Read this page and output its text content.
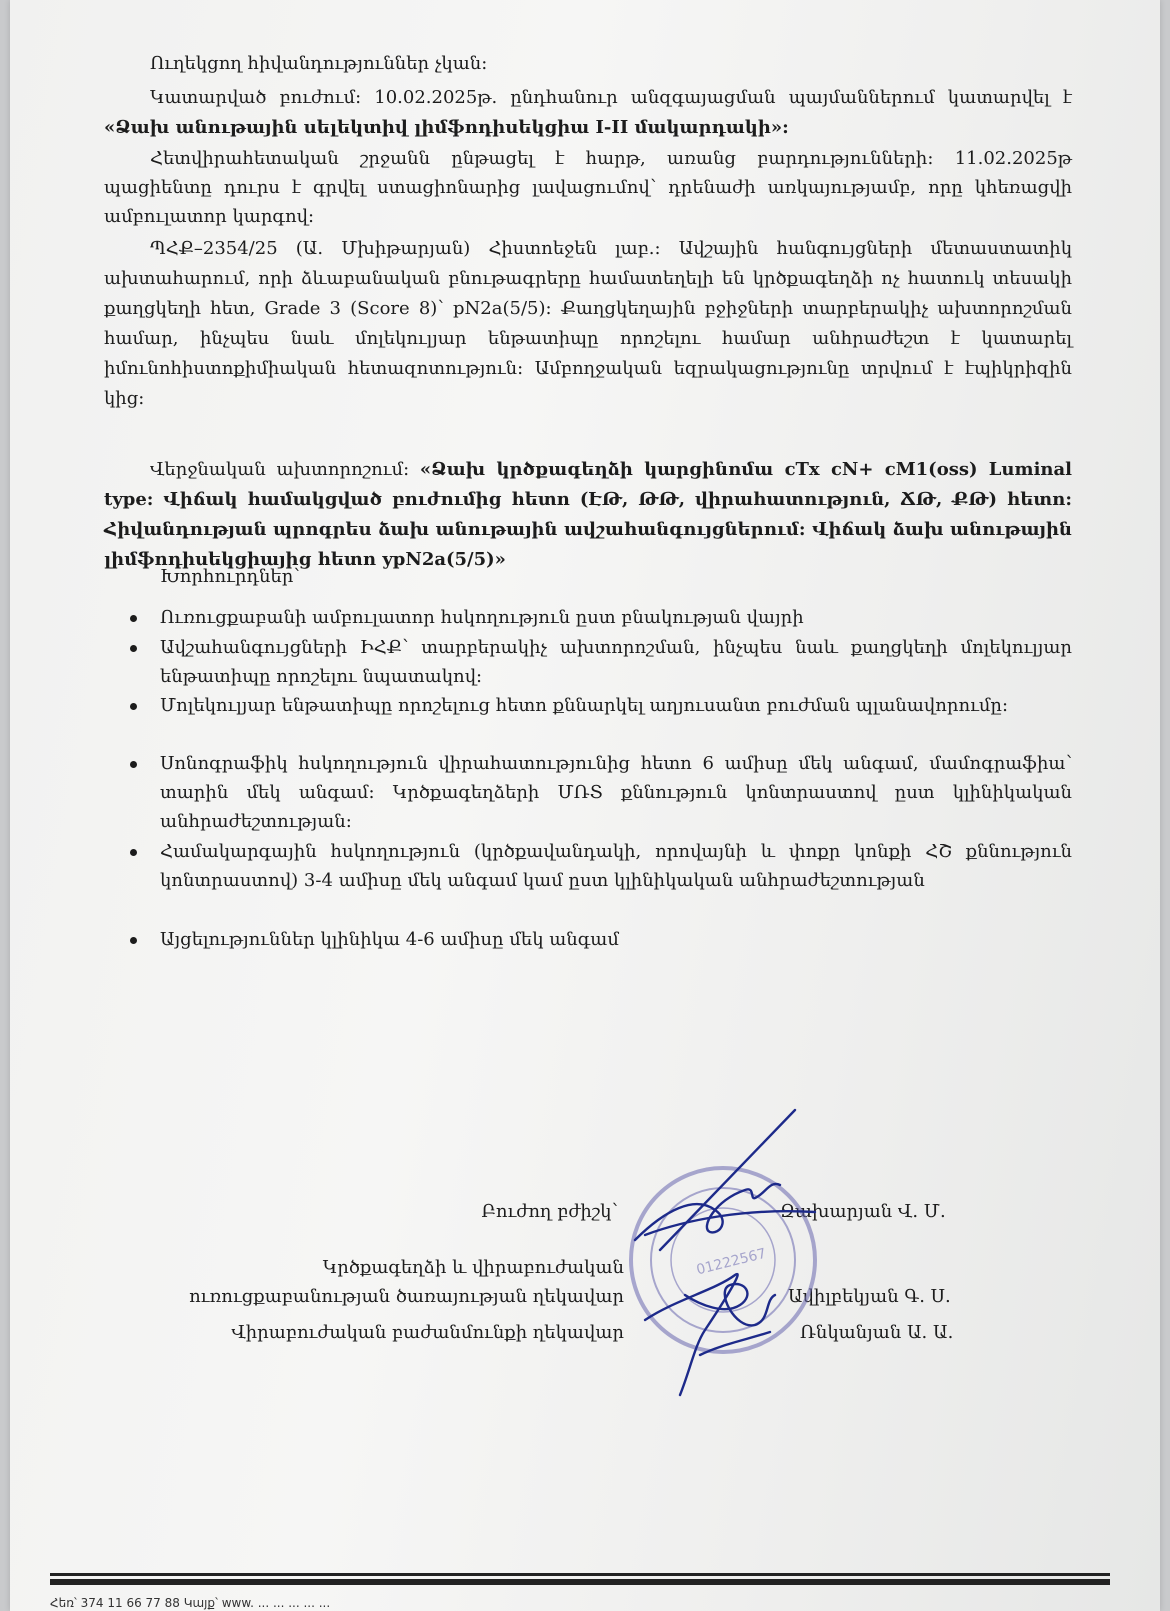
Ուղեկցող հիվանդություններ չկան:
Կատարված բուժում: 10.02.2025թ. ընդհանուր անզգայացման պայմաններում կատարվել է
«Ձախ անութային սելեկտիվ լիմֆոդիսեկցիա I-II մակարդակի»:
Հետվիրահետական շրջանն ընթացել է հարթ, առանց բարդությունների: 11.02.2025թ պացիենտը դուրս է գրվել ստացիոնարից լավացումով՝ դրենաժի առկայությամբ, որը կհեռացվի ամբուլատոր կարգով:
ՊՀՔ–2354/25 (Ա. Մխիթարյան) Հիստոեջեն լաբ.: Ավշային հանգույցների մետաստատիկ ախտահարում, որի ձևաբանական բնութագրերը համատեղելի են կրծքագեղձի ոչ հատուկ տեսակի քաղցկեղի հետ, Grade 3 (Score 8)՝ pN2a(5/5): Քաղցկեղային բջիջների տարբերակիչ ախտորոշման համար, ինչպես նաև մոլեկուլյար ենթատիպը որոշելու համար անհրաժեշտ է կատարել իմունոհիստոքիմիական հետազոտություն: Ամբողջական եզրակացությունը տրվում է էպիկրիզին կից:
Վերջնական ախտորոշում: «Ձախ կրծքագեղձի կարցինոմա cTx cN+ cM1(oss) Luminal type: Վիճակ համակցված բուժումից հետո (ԷԹ, ԹԹ, վիրահատություն, ՃԹ, ՔԹ) հետո: Հիվանդության պրոգրես ձախ անութային ավշահանգույցներում: Վիճակ ձախ անութային լիմֆոդիսեկցիայից հետո ypN2a(5/5)»
Խորհուրդներ՝
Ուռուցքաբանի ամբուլատոր հսկողություն ըստ բնակության վայրի
Ավշահանգույցների ԻՀՔ՝ տարբերակիչ ախտորոշման, ինչպես նաև քաղցկեղի մոլեկուլյար ենթատիպը որոշելու նպատակով:
Մոլեկուլյար ենթատիպը որոշելուց հետո քննարկել աղյուսանտ բուժման պլանավորումը:
Սոնոգրաֆիկ հսկողություն վիրահատությունից հետո 6 ամիսը մեկ անգամ, մամոգրաֆիա՝ տարին մեկ անգամ: Կրծքագեղձերի ՄՌՏ քննություն կոնտրաստով ըստ կլինիկական անհրաժեշտության:
Համակարգային հսկողություն (կրծքավանդակի, որովայնի և փոքր կոնքի ՀՇ քննություն կոնտրաստով) 3-4 ամիսը մեկ անգամ կամ ըստ կլինիկական անհրաժեշտության
Այցելություններ կլինիկա 4-6 ամիսը մեկ անգամ
Բուժող բժիշկ՝	Զախարյան Վ. Մ.
Կրծքագեղձի և վիրաբուժական
ուռուցքաբանության ծառայության ղեկավար	Ավիլբեկյան Գ. Ս.
Վիրաբուժական բաժանմունքի ղեկավար	Ռնկանյան Ա. Ա.
01222567
Հեռ՝ 374 11 66 77 88 Կայք՝ www. ... ... ... ... ...
